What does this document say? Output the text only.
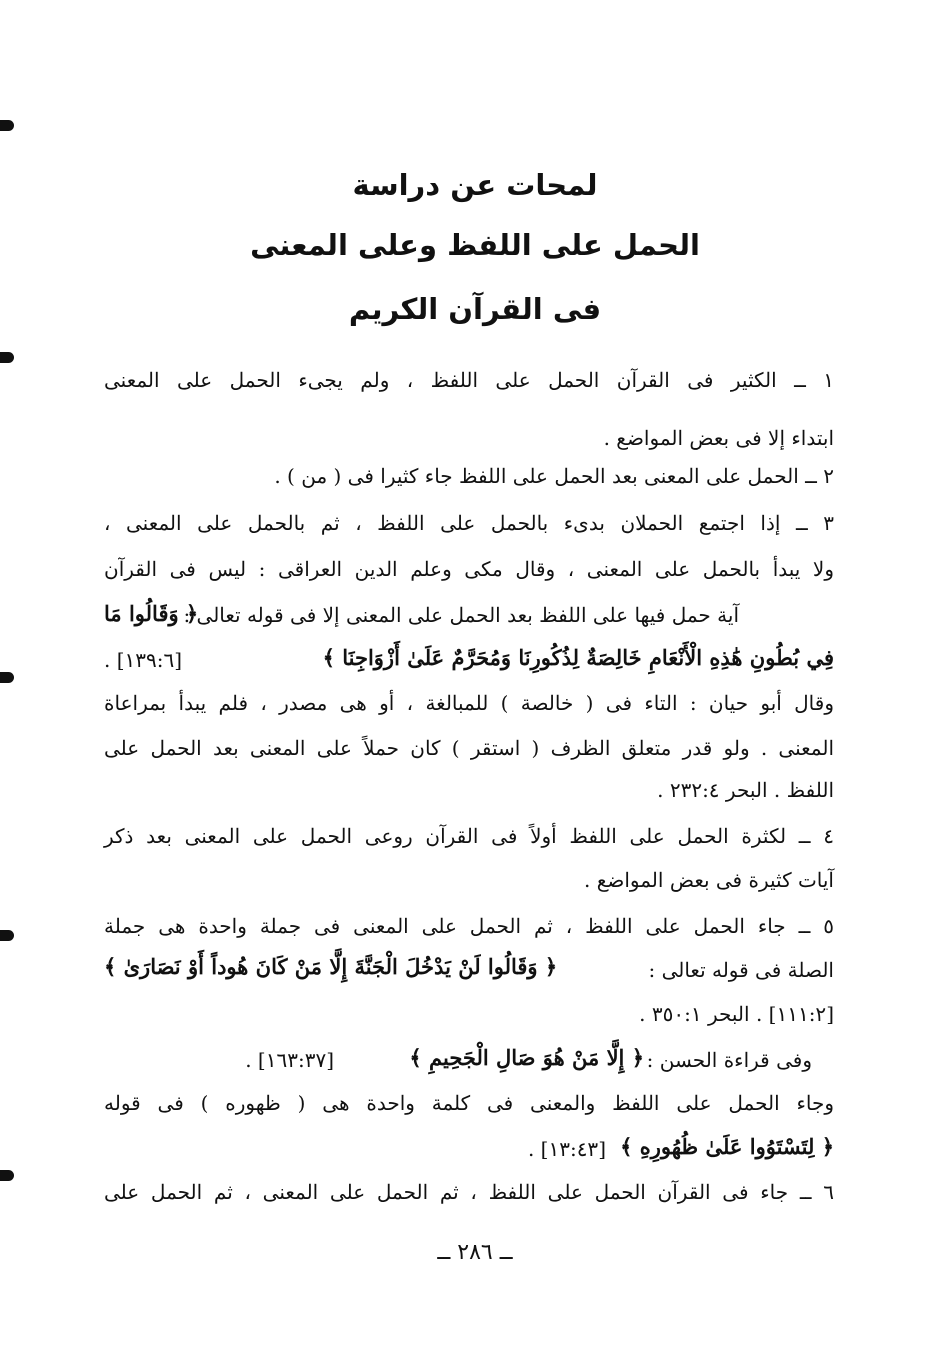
لمحات عن دراسة
الحمل على اللفظ وعلى المعنى
فى القرآن الكريم
١ ــ الكثير فى القرآن الحمل على اللفظ ، ولم يجىء الحمل على المعنى
ابتداء إلا فى بعض المواضع .
٢ ــ الحمل على المعنى بعد الحمل على اللفظ جاء كثيرا فى ( من ) .
٣ ــ إذا اجتمع الحملان بدىء بالحمل على اللفظ ، ثم بالحمل على المعنى ،
ولا يبدأ بالحمل على المعنى ، وقال مكى وعلم الدين العراقى : ليس فى القرآن
آية حمل فيها على اللفظ بعد الحمل على المعنى إلا فى قوله تعالى :
﴿ وَقَالُوا مَا
فِي بُطُونِ هَٰذِهِ الْأَنْعَامِ خَالِصَةٌ لِذُكُورِنَا وَمُحَرَّمٌ عَلَىٰ أَزْوَاجِنَا ﴾
[١٣٩:٦] .
وقال أبو حيان : التاء فى ( خالصة ) للمبالغة ، أو هى مصدر ، فلم يبدأ بمراعاة
المعنى . ولو قدر متعلق الظرف ( استقر ) كان حملاً على المعنى بعد الحمل على
اللفظ . البحر ٢٣٢:٤ .
٤ ــ لكثرة الحمل على اللفظ أولاً فى القرآن روعى الحمل على المعنى بعد ذكر
آيات كثيرة فى بعض المواضع .
٥ ــ جاء الحمل على اللفظ ، ثم الحمل على المعنى فى جملة واحدة هى جملة
الصلة فى قوله تعالى :
﴿ وَقَالُوا لَنْ يَدْخُلَ الْجَنَّةَ إِلَّا مَنْ كَانَ هُوداً أَوْ نَصَارَىٰ ﴾
[١١١:٢] . البحر ٣٥٠:١ .
وفى قراءة الحسن :
﴿ إِلَّا مَنْ هُوَ صَالِ الْجَحِيمِ ﴾
[١٦٣:٣٧] .
وجاء الحمل على اللفظ والمعنى فى كلمة واحدة هى ( ظهوره ) فى قوله
﴿ لِتَسْتَوُوا عَلَىٰ ظُهُورِهِ ﴾
[١٣:٤٣] .
٦ ــ جاء فى القرآن الحمل على اللفظ ، ثم الحمل على المعنى ، ثم الحمل على
ــ ٢٨٦ ــ
